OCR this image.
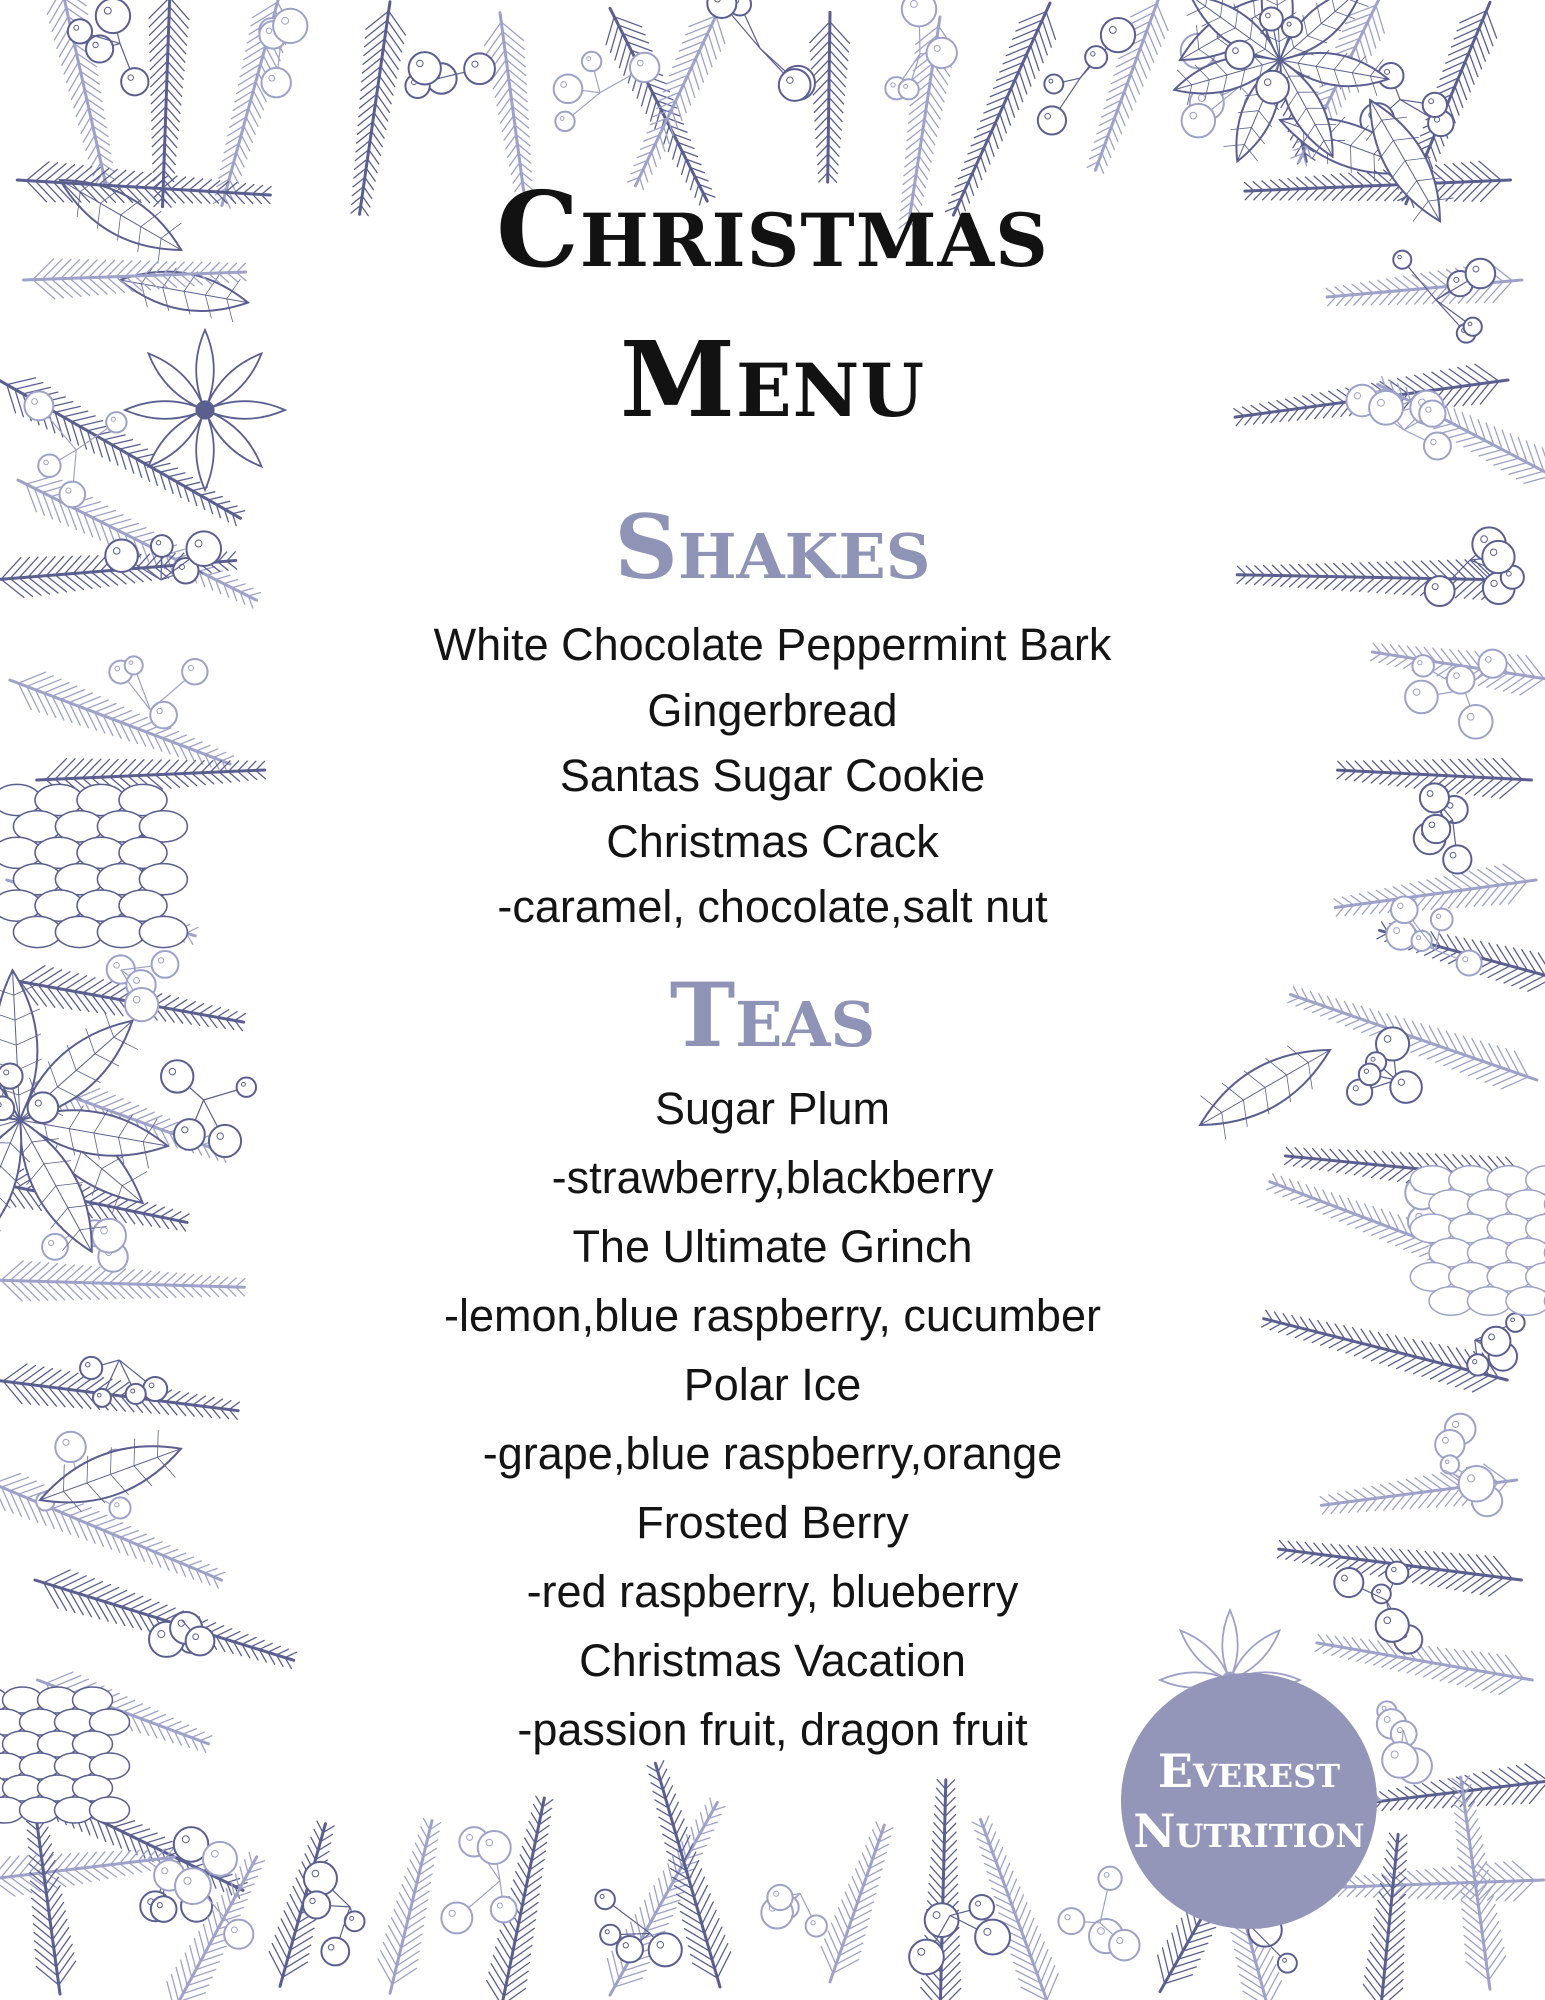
Christmas
Menu
Shakes
White Chocolate Peppermint Bark
Gingerbread
Santas Sugar Cookie
Christmas Crack
-caramel, chocolate,salt nut
Teas
Sugar Plum
-strawberry,blackberry
The Ultimate Grinch
-lemon,blue raspberry, cucumber
Polar Ice
-grape,blue raspberry,orange
Frosted Berry
-red raspberry, blueberry
Christmas Vacation
-passion fruit, dragon fruit
Everest
Nutrition
